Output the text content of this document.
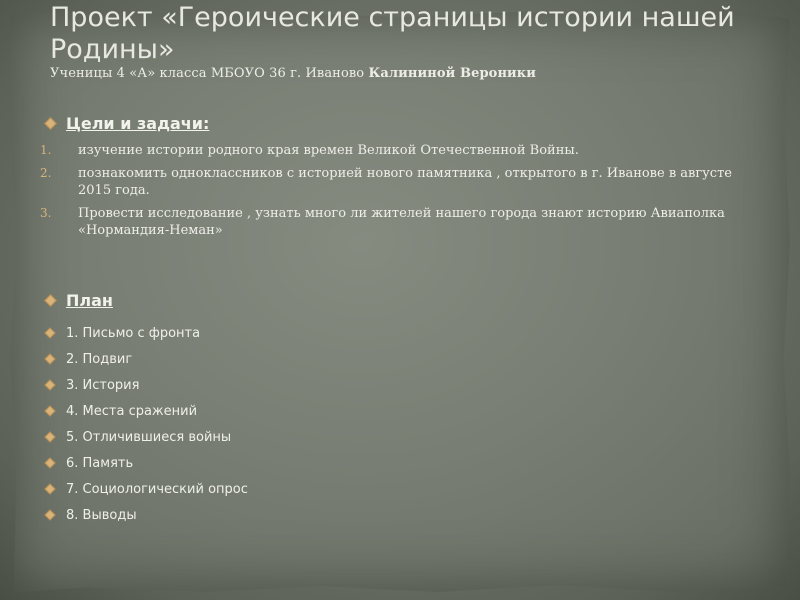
Проект «Героические страницы истории нашей Родины»
Ученицы 4 «А» класса МБОУО 36 г. Иваново Калининой Вероники
Цели и задачи:
1.	изучение истории родного края времен Великой Отечественной Войны.
2.	познакомить одноклассников с историей нового памятника , открытого в г. Иванове в августе 2015 года.
3.	Провести исследование , узнать много ли жителей нашего города знают историю Авиаполка «Нормандия-Неман»
План
1. Письмо с фронта
2. Подвиг
3. История
4. Места сражений
5. Отличившиеся войны
6. Память
7. Социологический опрос
8. Выводы
